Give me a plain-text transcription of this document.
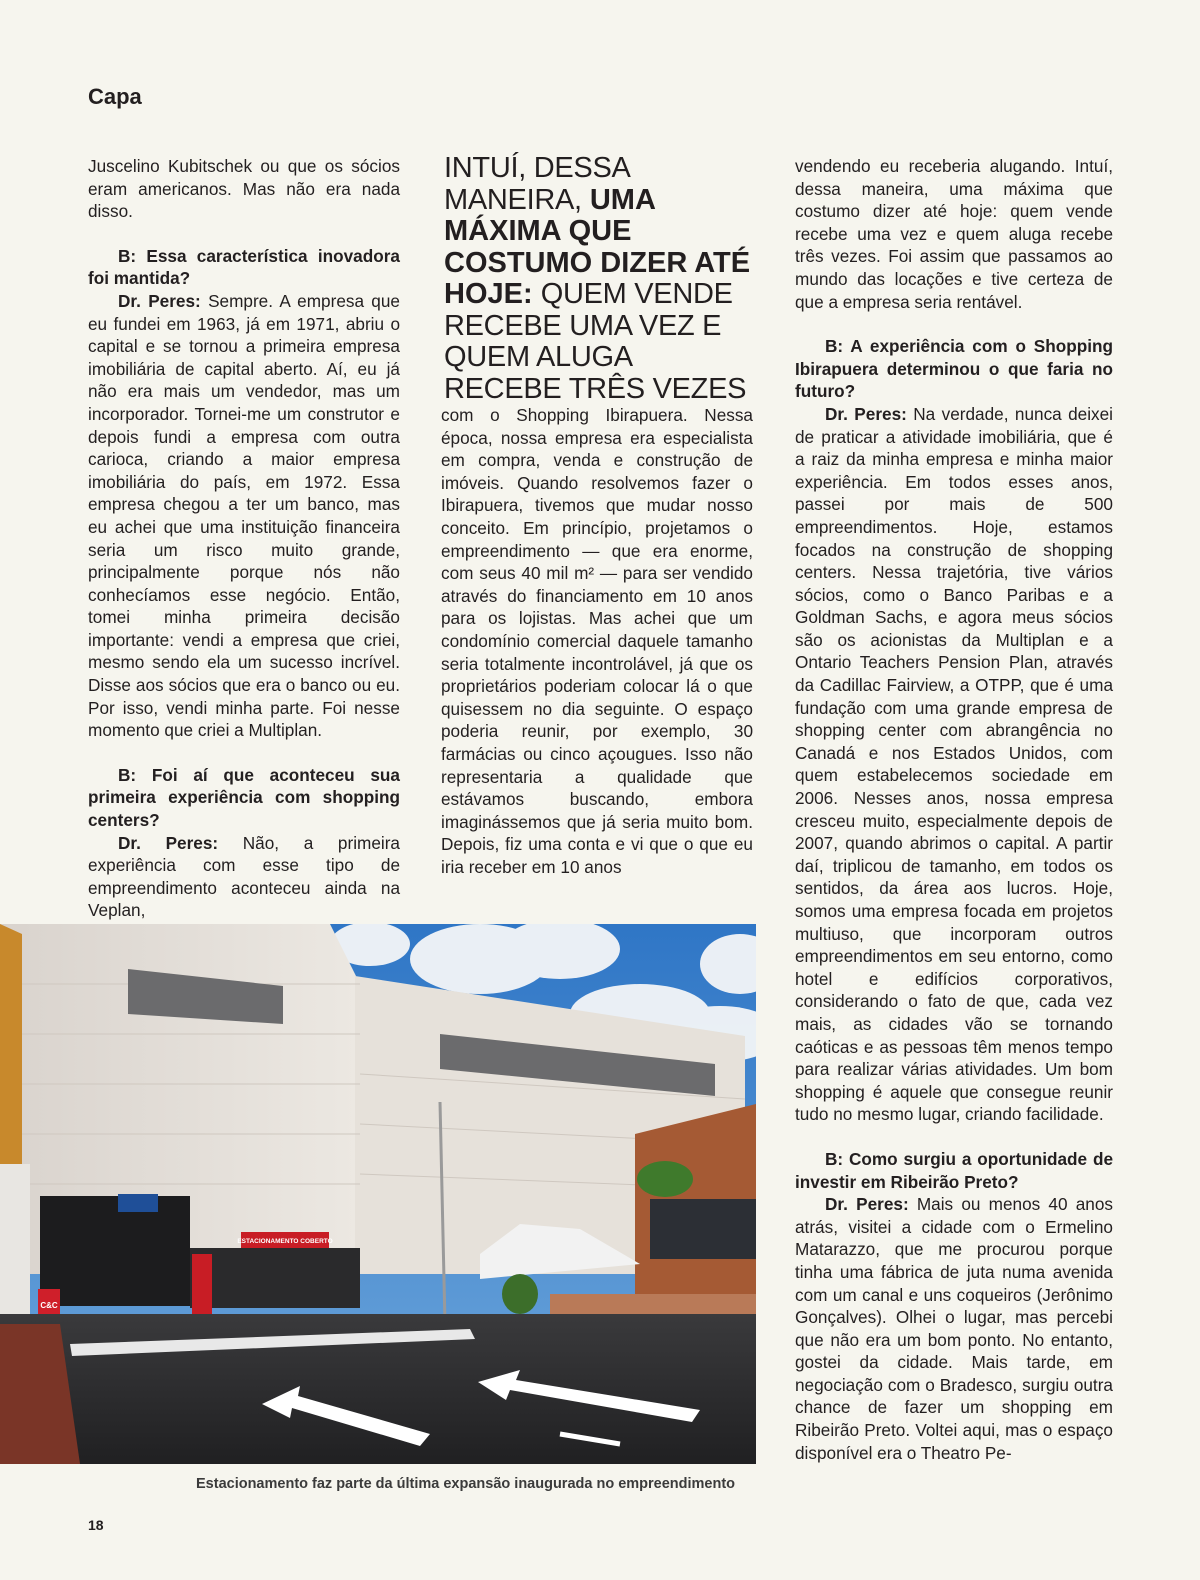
Capa

Juscelino Kubitschek ou que os sócios eram americanos. Mas não era nada disso.

B: Essa característica inovadora foi mantida?

Dr. Peres: Sempre. A empresa que eu fundei em 1963, já em 1971, abriu o capital e se tornou a primeira empresa imobiliária de capital aberto. Aí, eu já não era mais um vendedor, mas um incorporador. Tornei-me um construtor e depois fundi a empresa com outra carioca, criando a maior empresa imobiliária do país, em 1972. Essa empresa chegou a ter um banco, mas eu achei que uma instituição financeira seria um risco muito grande, principalmente porque nós não conhecíamos esse negócio. Então, tomei minha primeira decisão importante: vendi a empresa que criei, mesmo sendo ela um sucesso incrível. Disse aos sócios que era o banco ou eu. Por isso, vendi minha parte. Foi nesse momento que criei a Multiplan.

B: Foi aí que aconteceu sua primeira experiência com shopping centers?

Dr. Peres: Não, a primeira experiência com esse tipo de empreendimento aconteceu ainda na Veplan,

INTUÍ, DESSA MANEIRA, UMA MÁXIMA QUE COSTUMO DIZER ATÉ HOJE: QUEM VENDE RECEBE UMA VEZ E QUEM ALUGA RECEBE TRÊS VEZES

com o Shopping Ibirapuera. Nessa época, nossa empresa era especialista em compra, venda e construção de imóveis. Quando resolvemos fazer o Ibirapuera, tivemos que mudar nosso conceito. Em princípio, projetamos o empreendimento — que era enorme, com seus 40 mil m² — para ser vendido através do financiamento em 10 anos para os lojistas. Mas achei que um condomínio comercial daquele tamanho seria totalmente incontrolável, já que os proprietários poderiam colocar lá o que quisessem no dia seguinte. O espaço poderia reunir, por exemplo, 30 farmácias ou cinco açougues. Isso não representaria a qualidade que estávamos buscando, embora imaginássemos que já seria muito bom. Depois, fiz uma conta e vi que o que eu iria receber em 10 anos

vendendo eu receberia alugando. Intuí, dessa maneira, uma máxima que costumo dizer até hoje: quem vende recebe uma vez e quem aluga recebe três vezes. Foi assim que passamos ao mundo das locações e tive certeza de que a empresa seria rentável.

B: A experiência com o Shopping Ibirapuera determinou o que faria no futuro?

Dr. Peres: Na verdade, nunca deixei de praticar a atividade imobiliária, que é a raiz da minha empresa e minha maior experiência. Em todos esses anos, passei por mais de 500 empreendimentos. Hoje, estamos focados na construção de shopping centers. Nessa trajetória, tive vários sócios, como o Banco Paribas e a Goldman Sachs, e agora meus sócios são os acionistas da Multiplan e a Ontario Teachers Pension Plan, através da Cadillac Fairview, a OTPP, que é uma fundação com uma grande empresa de shopping center com abrangência no Canadá e nos Estados Unidos, com quem estabelecemos sociedade em 2006. Nesses anos, nossa empresa cresceu muito, especialmente depois de 2007, quando abrimos o capital. A partir daí, triplicou de tamanho, em todos os sentidos, da área aos lucros. Hoje, somos uma empresa focada em projetos multiuso, que incorporam outros empreendimentos em seu entorno, como hotel e edifícios corporativos, considerando o fato de que, cada vez mais, as cidades vão se tornando caóticas e as pessoas têm menos tempo para realizar várias atividades. Um bom shopping é aquele que consegue reunir tudo no mesmo lugar, criando facilidade.

B: Como surgiu a oportunidade de investir em Ribeirão Preto?

Dr. Peres: Mais ou menos 40 anos atrás, visitei a cidade com o Ermelino Matarazzo, que me procurou porque tinha uma fábrica de juta numa avenida com um canal e uns coqueiros (Jerônimo Gonçalves). Olhei o lugar, mas percebi que não era um bom ponto. No entanto, gostei da cidade. Mais tarde, em negociação com o Bradesco, surgiu outra chance de fazer um shopping em Ribeirão Preto. Voltei aqui, mas o espaço disponível era o Theatro Pe-

ESTACIONAMENTO COBERTO
C&C
Estacionamento faz parte da última expansão inaugurada no empreendimento
18
